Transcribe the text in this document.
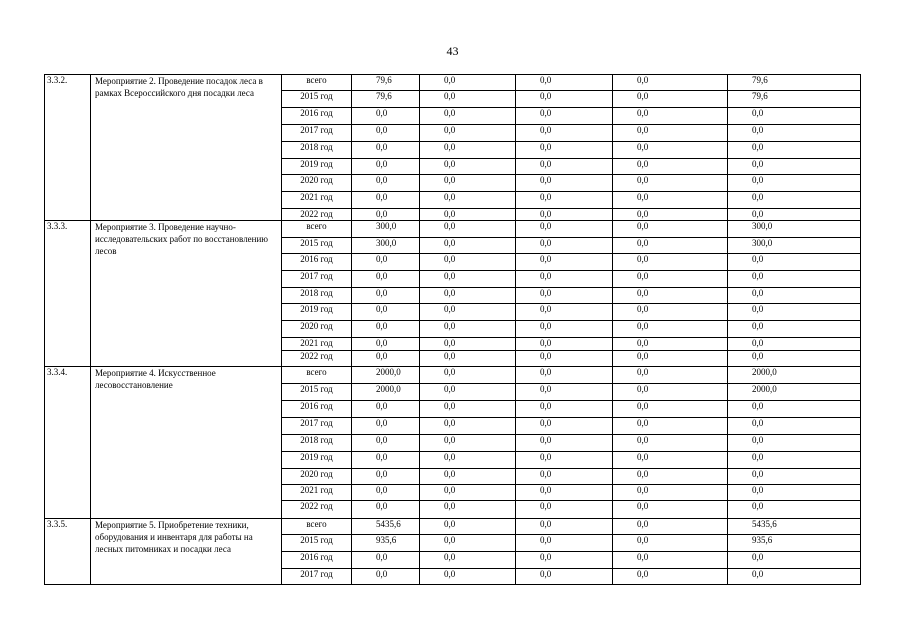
43
3.3.2.	Мероприятие 2. Проведение посадок леса в рамках Всероссийского дня посадки леса	всего	79,6	0,0	0,0	0,0	79,6
		2015 год	79,6	0,0	0,0	0,0	79,6
		2016 год	0,0	0,0	0,0	0,0	0,0
		2017 год	0,0	0,0	0,0	0,0	0,0
		2018 год	0,0	0,0	0,0	0,0	0,0
		2019 год	0,0	0,0	0,0	0,0	0,0
		2020 год	0,0	0,0	0,0	0,0	0,0
		2021 год	0,0	0,0	0,0	0,0	0,0
		2022 год	0,0	0,0	0,0	0,0	0,0
3.3.3.	Мероприятие 3. Проведение научно-исследовательских работ по восстановлению лесов	всего	300,0	0,0	0,0	0,0	300,0
		2015 год	300,0	0,0	0,0	0,0	300,0
		2016 год	0,0	0,0	0,0	0,0	0,0
		2017 год	0,0	0,0	0,0	0,0	0,0
		2018 год	0,0	0,0	0,0	0,0	0,0
		2019 год	0,0	0,0	0,0	0,0	0,0
		2020 год	0,0	0,0	0,0	0,0	0,0
		2021 год	0,0	0,0	0,0	0,0	0,0
		2022 год	0,0	0,0	0,0	0,0	0,0
3.3.4.	Мероприятие 4. Искусственное лесовосстановление	всего	2000,0	0,0	0,0	0,0	2000,0
		2015 год	2000,0	0,0	0,0	0,0	2000,0
		2016 год	0,0	0,0	0,0	0,0	0,0
		2017 год	0,0	0,0	0,0	0,0	0,0
		2018 год	0,0	0,0	0,0	0,0	0,0
		2019 год	0,0	0,0	0,0	0,0	0,0
		2020 год	0,0	0,0	0,0	0,0	0,0
		2021 год	0,0	0,0	0,0	0,0	0,0
		2022 год	0,0	0,0	0,0	0,0	0,0
3.3.5.	Мероприятие 5. Приобретение техники, оборудования и инвентаря для работы на лесных питомниках и посадки леса	всего	5435,6	0,0	0,0	0,0	5435,6
		2015 год	935,6	0,0	0,0	0,0	935,6
		2016 год	0,0	0,0	0,0	0,0	0,0
		2017 год	0,0	0,0	0,0	0,0	0,0
